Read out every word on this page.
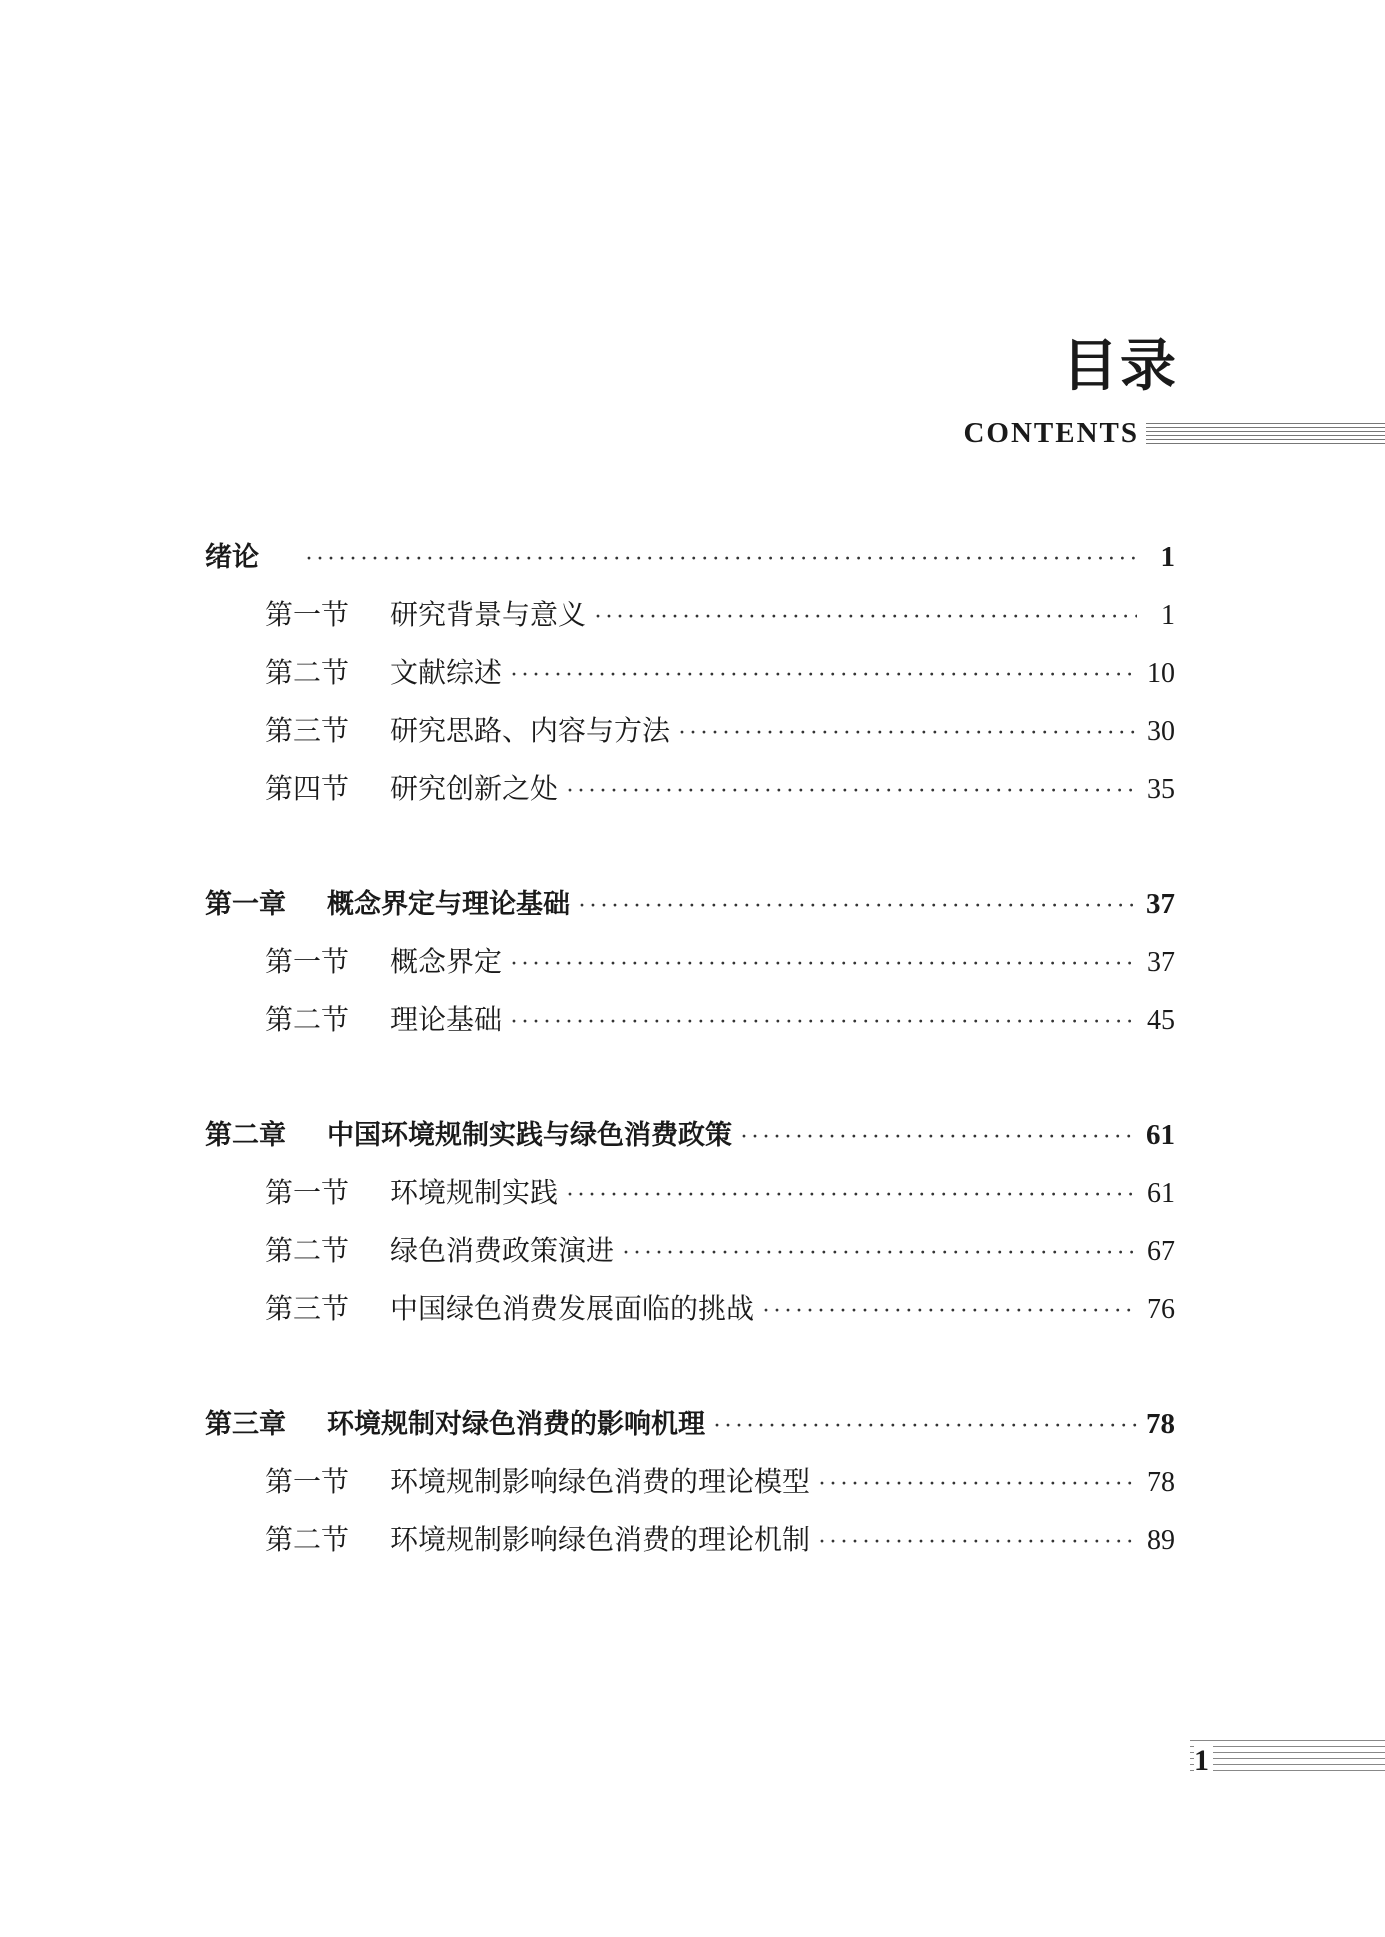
目录
CONTENTS
绪论 ·····	1
第一节	研究背景与意义 ·····	1
第二节	文献综述 ·····	10
第三节	研究思路、内容与方法 ·····	30
第四节	研究创新之处 ·····	35
第一章	概念界定与理论基础 ·····	37
第一节	概念界定 ·····	37
第二节	理论基础 ·····	45
第二章	中国环境规制实践与绿色消费政策 ·····	61
第一节	环境规制实践 ·····	61
第二节	绿色消费政策演进 ·····	67
第三节	中国绿色消费发展面临的挑战 ·····	76
第三章	环境规制对绿色消费的影响机理 ·····	78
第一节	环境规制影响绿色消费的理论模型 ·····	78
第二节	环境规制影响绿色消费的理论机制 ·····	89
1
